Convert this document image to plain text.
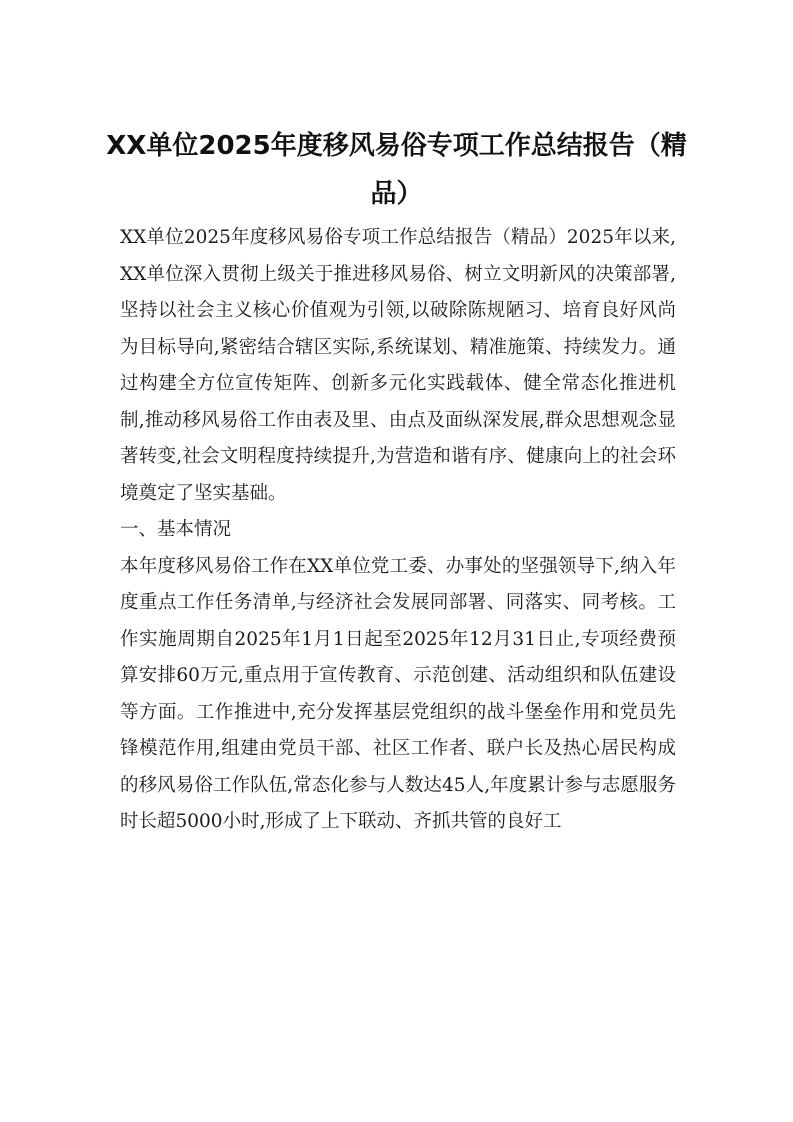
XX单位2025年度移风易俗专项工作总结报告（精品）

XX单位2025年度移风易俗专项工作总结报告（精品）2025年以来,XX单位深入贯彻上级关于推进移风易俗、树立文明新风的决策部署,坚持以社会主义核心价值观为引领,以破除陈规陋习、培育良好风尚为目标导向,紧密结合辖区实际,系统谋划、精准施策、持续发力。通过构建全方位宣传矩阵、创新多元化实践载体、健全常态化推进机制,推动移风易俗工作由表及里、由点及面纵深发展,群众思想观念显著转变,社会文明程度持续提升,为营造和谐有序、健康向上的社会环境奠定了坚实基础。

一、基本情况

本年度移风易俗工作在XX单位党工委、办事处的坚强领导下,纳入年度重点工作任务清单,与经济社会发展同部署、同落实、同考核。工作实施周期自2025年1月1日起至2025年12月31日止,专项经费预算安排60万元,重点用于宣传教育、示范创建、活动组织和队伍建设等方面。工作推进中,充分发挥基层党组织的战斗堡垒作用和党员先锋模范作用,组建由党员干部、社区工作者、联户长及热心居民构成的移风易俗工作队伍,常态化参与人数达45人,年度累计参与志愿服务时长超5000小时,形成了上下联动、齐抓共管的良好工
